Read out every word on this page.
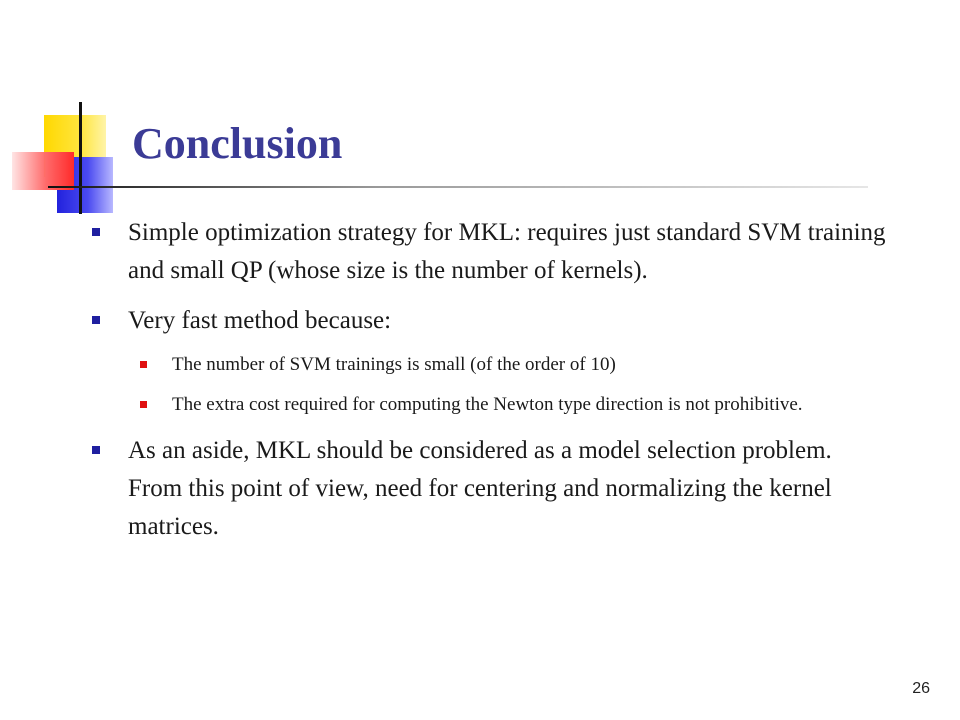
Conclusion
Simple optimization strategy for MKL: requires just standard SVM training and small QP (whose size is the number of kernels).
Very fast method because:
The number of SVM trainings is small (of the order of 10)
The extra cost required for computing the Newton type direction is not prohibitive.
As an aside, MKL should be considered as a model selection problem. From this point of view, need for centering and normalizing the kernel matrices.
26
